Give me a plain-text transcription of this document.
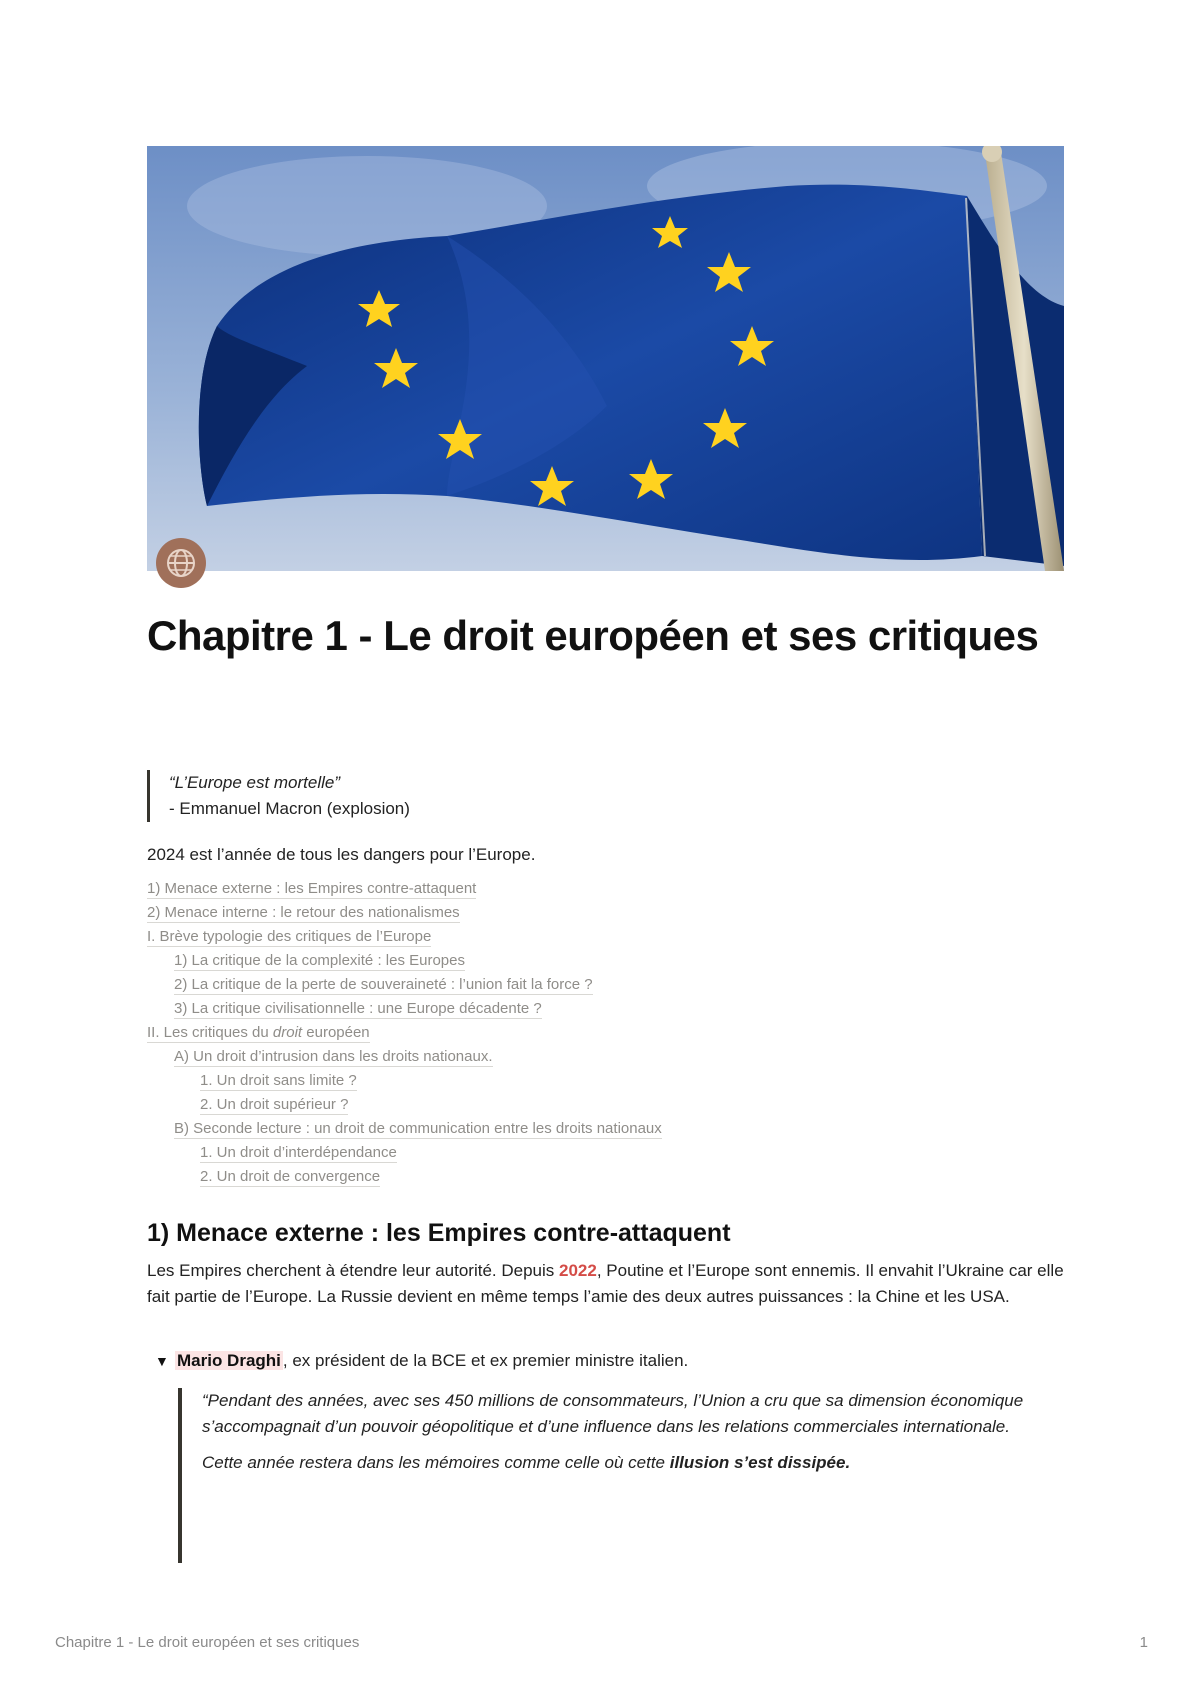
Chapitre 1 - Le droit européen et ses critiques
“L’Europe est mortelle”
- Emmanuel Macron (explosion)

2024 est l’année de tous les dangers pour l’Europe.

1) Menace externe : les Empires contre-attaquent
2) Menace interne : le retour des nationalismes
I. Brève typologie des critiques de l’Europe
1) La critique de la complexité : les Europes
2) La critique de la perte de souveraineté : l’union fait la force ?
3) La critique civilisationnelle : une Europe décadente ?
II. Les critiques du droit européen
A) Un droit d’intrusion dans les droits nationaux.
1. Un droit sans limite ?
2. Un droit supérieur ?
B) Seconde lecture : un droit de communication entre les droits nationaux
1. Un droit d’interdépendance
2. Un droit de convergence
1) Menace externe : les Empires contre-attaquent

Les Empires cherchent à étendre leur autorité. Depuis 2022, Poutine et l’Europe sont ennemis. Il envahit l’Ukraine car elle fait partie de l’Europe. La Russie devient en même temps l’amie des deux autres puissances : la Chine et les USA.

▼ Mario Draghi , ex président de la BCE et ex premier ministre italien.

“Pendant des années, avec ses 450 millions de consommateurs, l’Union a cru que sa dimension économique s’accompagnait d’un pouvoir géopolitique et d’une influence dans les relations commerciales internationale.

Cette année restera dans les mémoires comme celle où cette illusion s’est dissipée.

Chapitre 1 - Le droit européen et ses critiques	1
